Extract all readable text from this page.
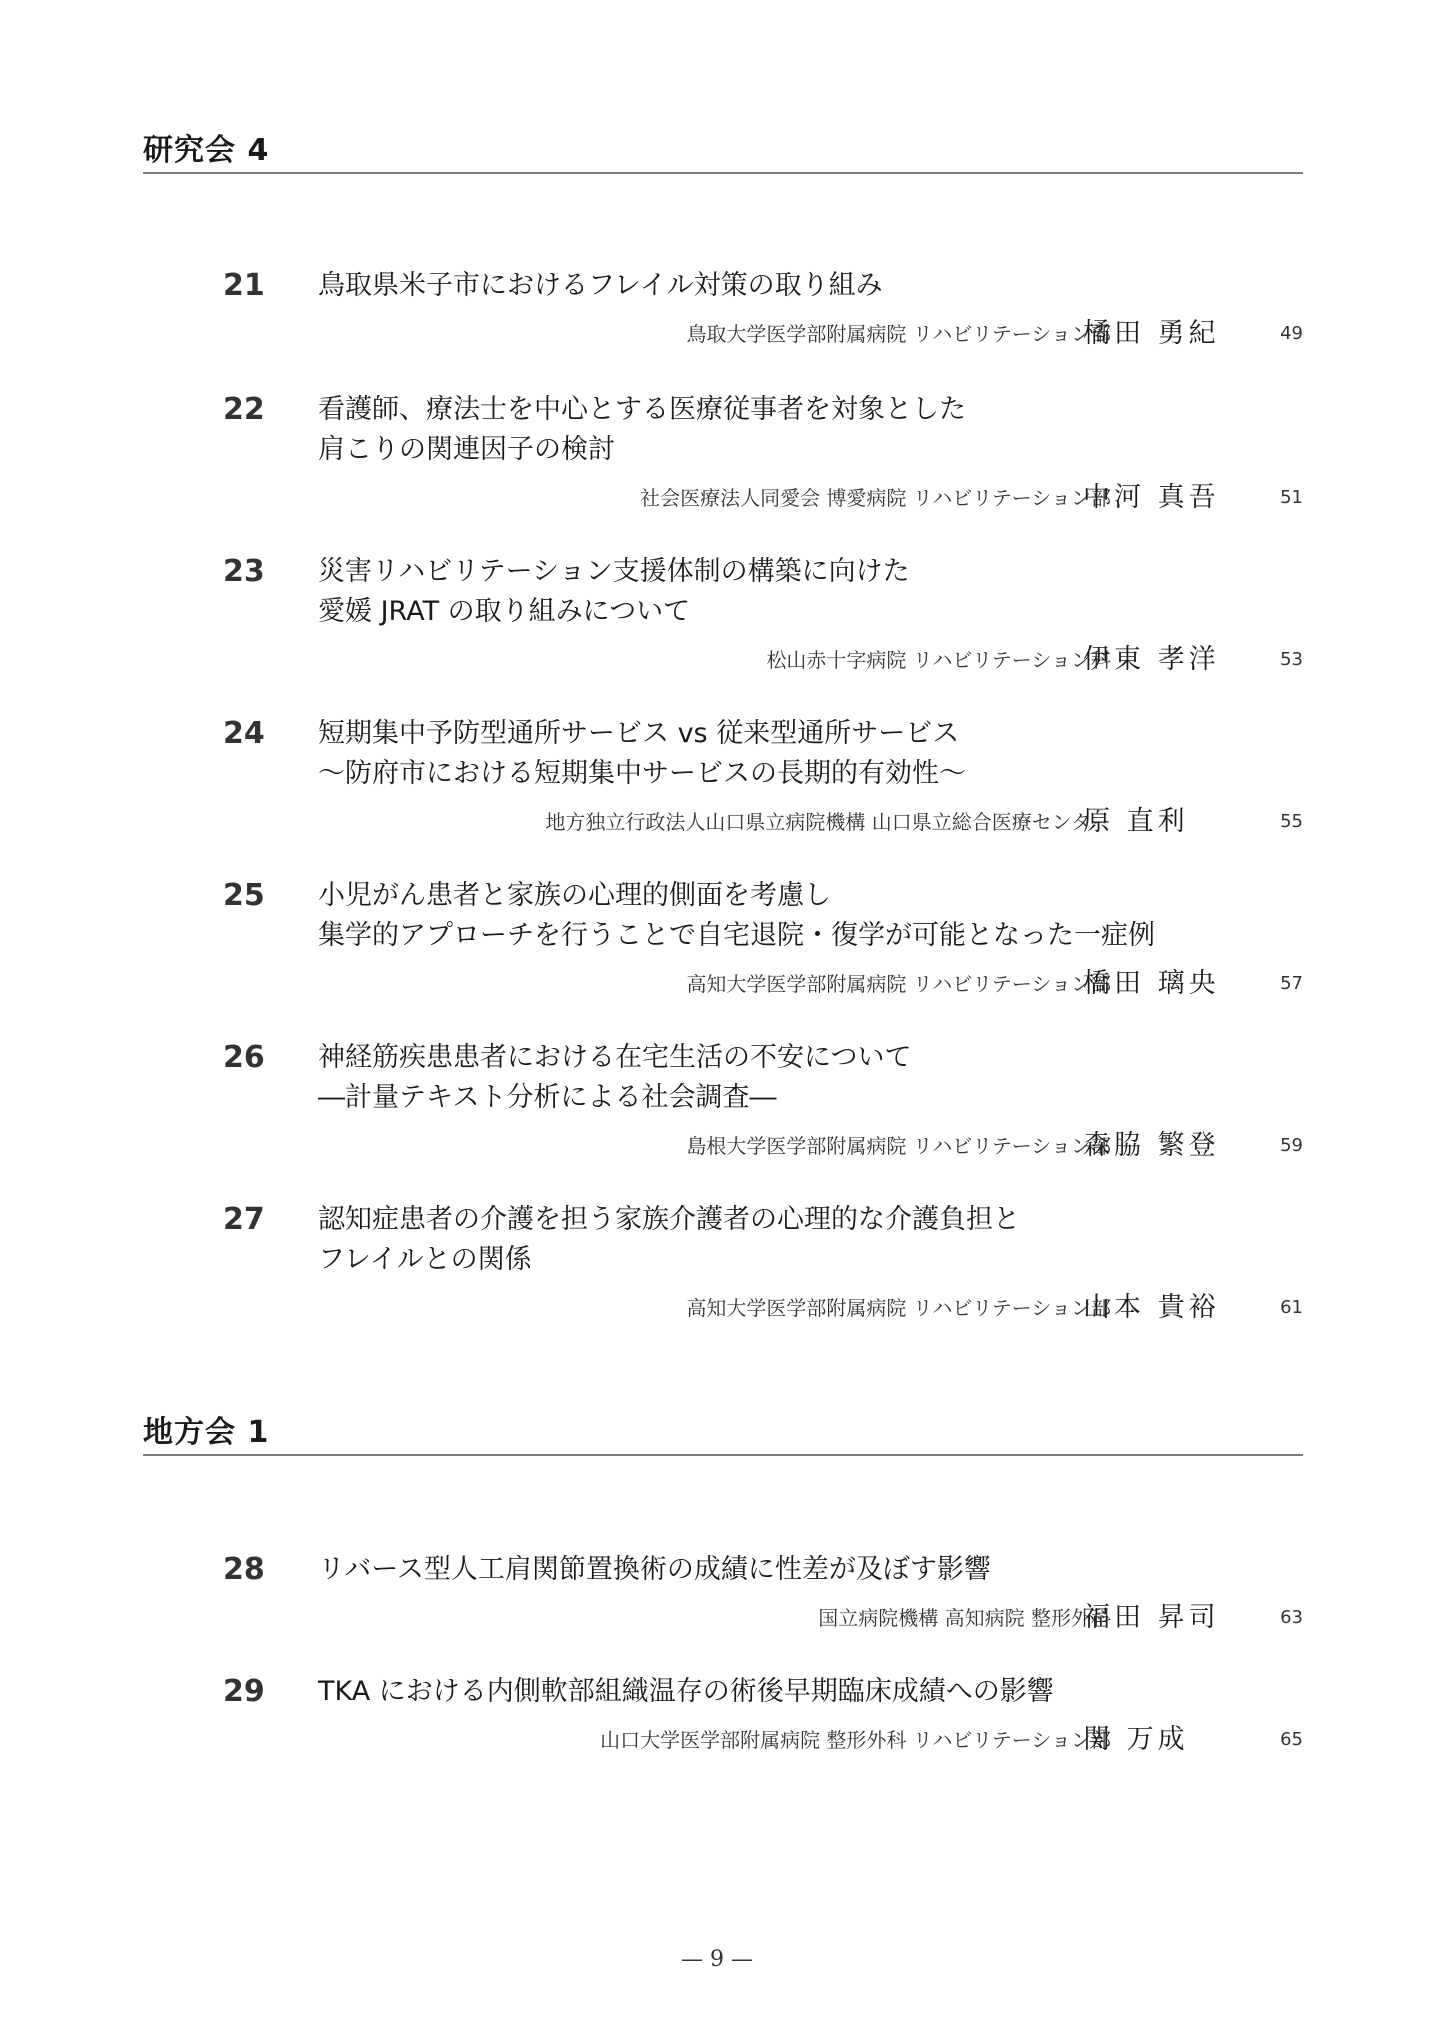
研究会 4
21	鳥取県米子市におけるフレイル対策の取り組み
鳥取大学医学部附属病院 リハビリテーション部
橘田 勇紀	49
22	看護師、療法士を中心とする医療従事者を対象とした
肩こりの関連因子の検討
社会医療法人同愛会 博愛病院 リハビリテーション部
中河 真吾	51
23	災害リハビリテーション支援体制の構築に向けた
愛媛 JRAT の取り組みについて
松山赤十字病院 リハビリテーション科
伊東 孝洋	53
24	短期集中予防型通所サービス vs 従来型通所サービス
〜防府市における短期集中サービスの長期的有効性〜
地方独立行政法人山口県立病院機構 山口県立総合医療センター
原 直利	55
25	小児がん患者と家族の心理的側面を考慮し
集学的アプローチを行うことで自宅退院・復学が可能となった一症例
高知大学医学部附属病院 リハビリテーション部
橋田 璃央	57
26	神経筋疾患患者における在宅生活の不安について
―計量テキスト分析による社会調査―
島根大学医学部附属病院 リハビリテーション部
森脇 繁登	59
27	認知症患者の介護を担う家族介護者の心理的な介護負担と
フレイルとの関係
高知大学医学部附属病院 リハビリテーション部
山本 貴裕	61
地方会 1
28	リバース型人工肩関節置換術の成績に性差が及ぼす影響
国立病院機構 高知病院 整形外科
福田 昇司	63
29	TKA における内側軟部組織温存の術後早期臨床成績への影響
山口大学医学部附属病院 整形外科 リハビリテーション部
関 万成	65
— 9 —
